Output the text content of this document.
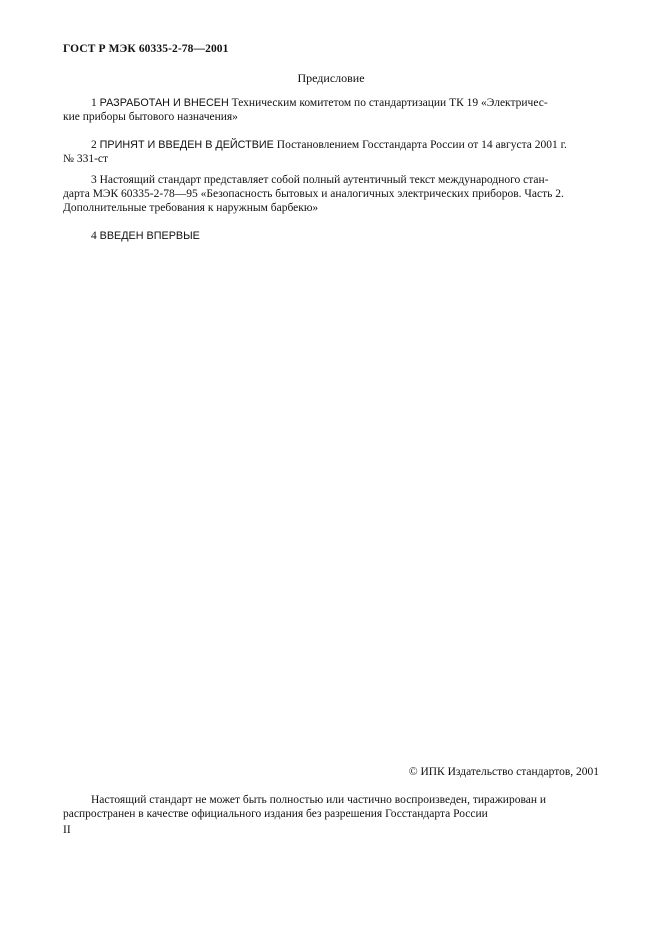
ГОСТ Р МЭК 60335-2-78—2001
Предисловие
1 РАЗРАБОТАН И ВНЕСЕН Техническим комитетом по стандартизации ТК 19 «Электричес-
кие приборы бытового назначения»
2 ПРИНЯТ И ВВЕДЕН В ДЕЙСТВИЕ Постановлением Госстандарта России от 14 августа 2001 г.
№ 331-ст
3 Настоящий стандарт представляет собой полный аутентичный текст международного стан-
дарта МЭК 60335-2-78—95 «Безопасность бытовых и аналогичных электрических приборов. Часть 2.
Дополнительные требования к наружным барбекю»
4 ВВЕДЕН ВПЕРВЫЕ
© ИПК Издательство стандартов, 2001
Настоящий стандарт не может быть полностью или частично воспроизведен, тиражирован и
распространен в качестве официального издания без разрешения Госстандарта России
II
